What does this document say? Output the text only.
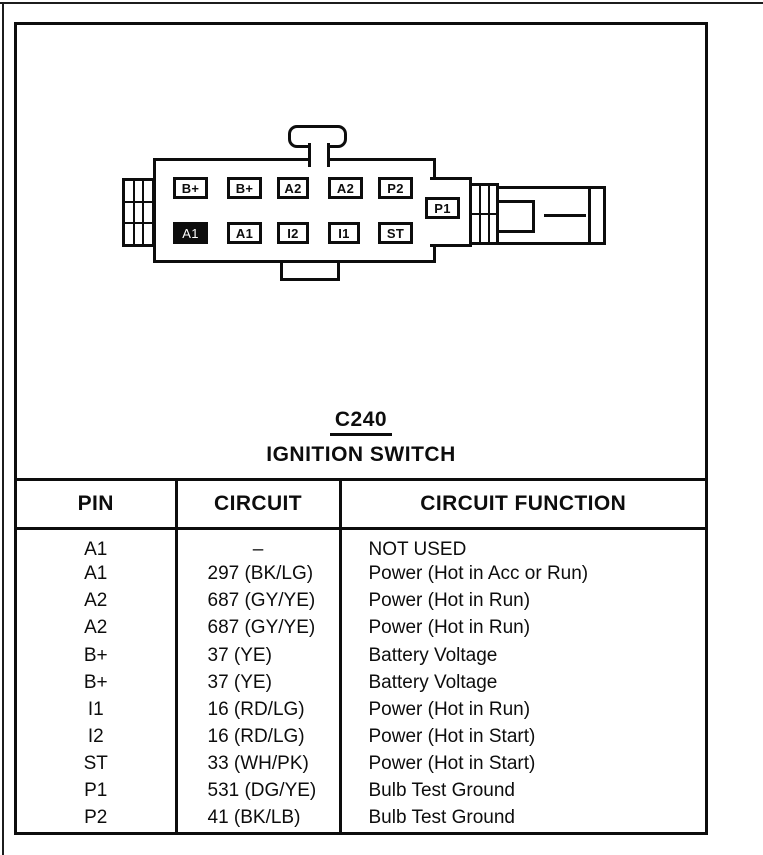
B+	B+	A2	A2	P2
P1
A1	A1	I2	I1	ST
C240
IGNITION SWITCH
PIN	CIRCUIT	CIRCUIT FUNCTION
A1	–	NOT USED
A1	297 (BK/LG)	Power (Hot in Acc or Run)
A2	687 (GY/YE)	Power (Hot in Run)
A2	687 (GY/YE)	Power (Hot in Run)
B+	37 (YE)	Battery Voltage
B+	37 (YE)	Battery Voltage
I1	16 (RD/LG)	Power (Hot in Run)
I2	16 (RD/LG)	Power (Hot in Start)
ST	33 (WH/PK)	Power (Hot in Start)
P1	531 (DG/YE)	Bulb Test Ground
P2	41 (BK/LB)	Bulb Test Ground
